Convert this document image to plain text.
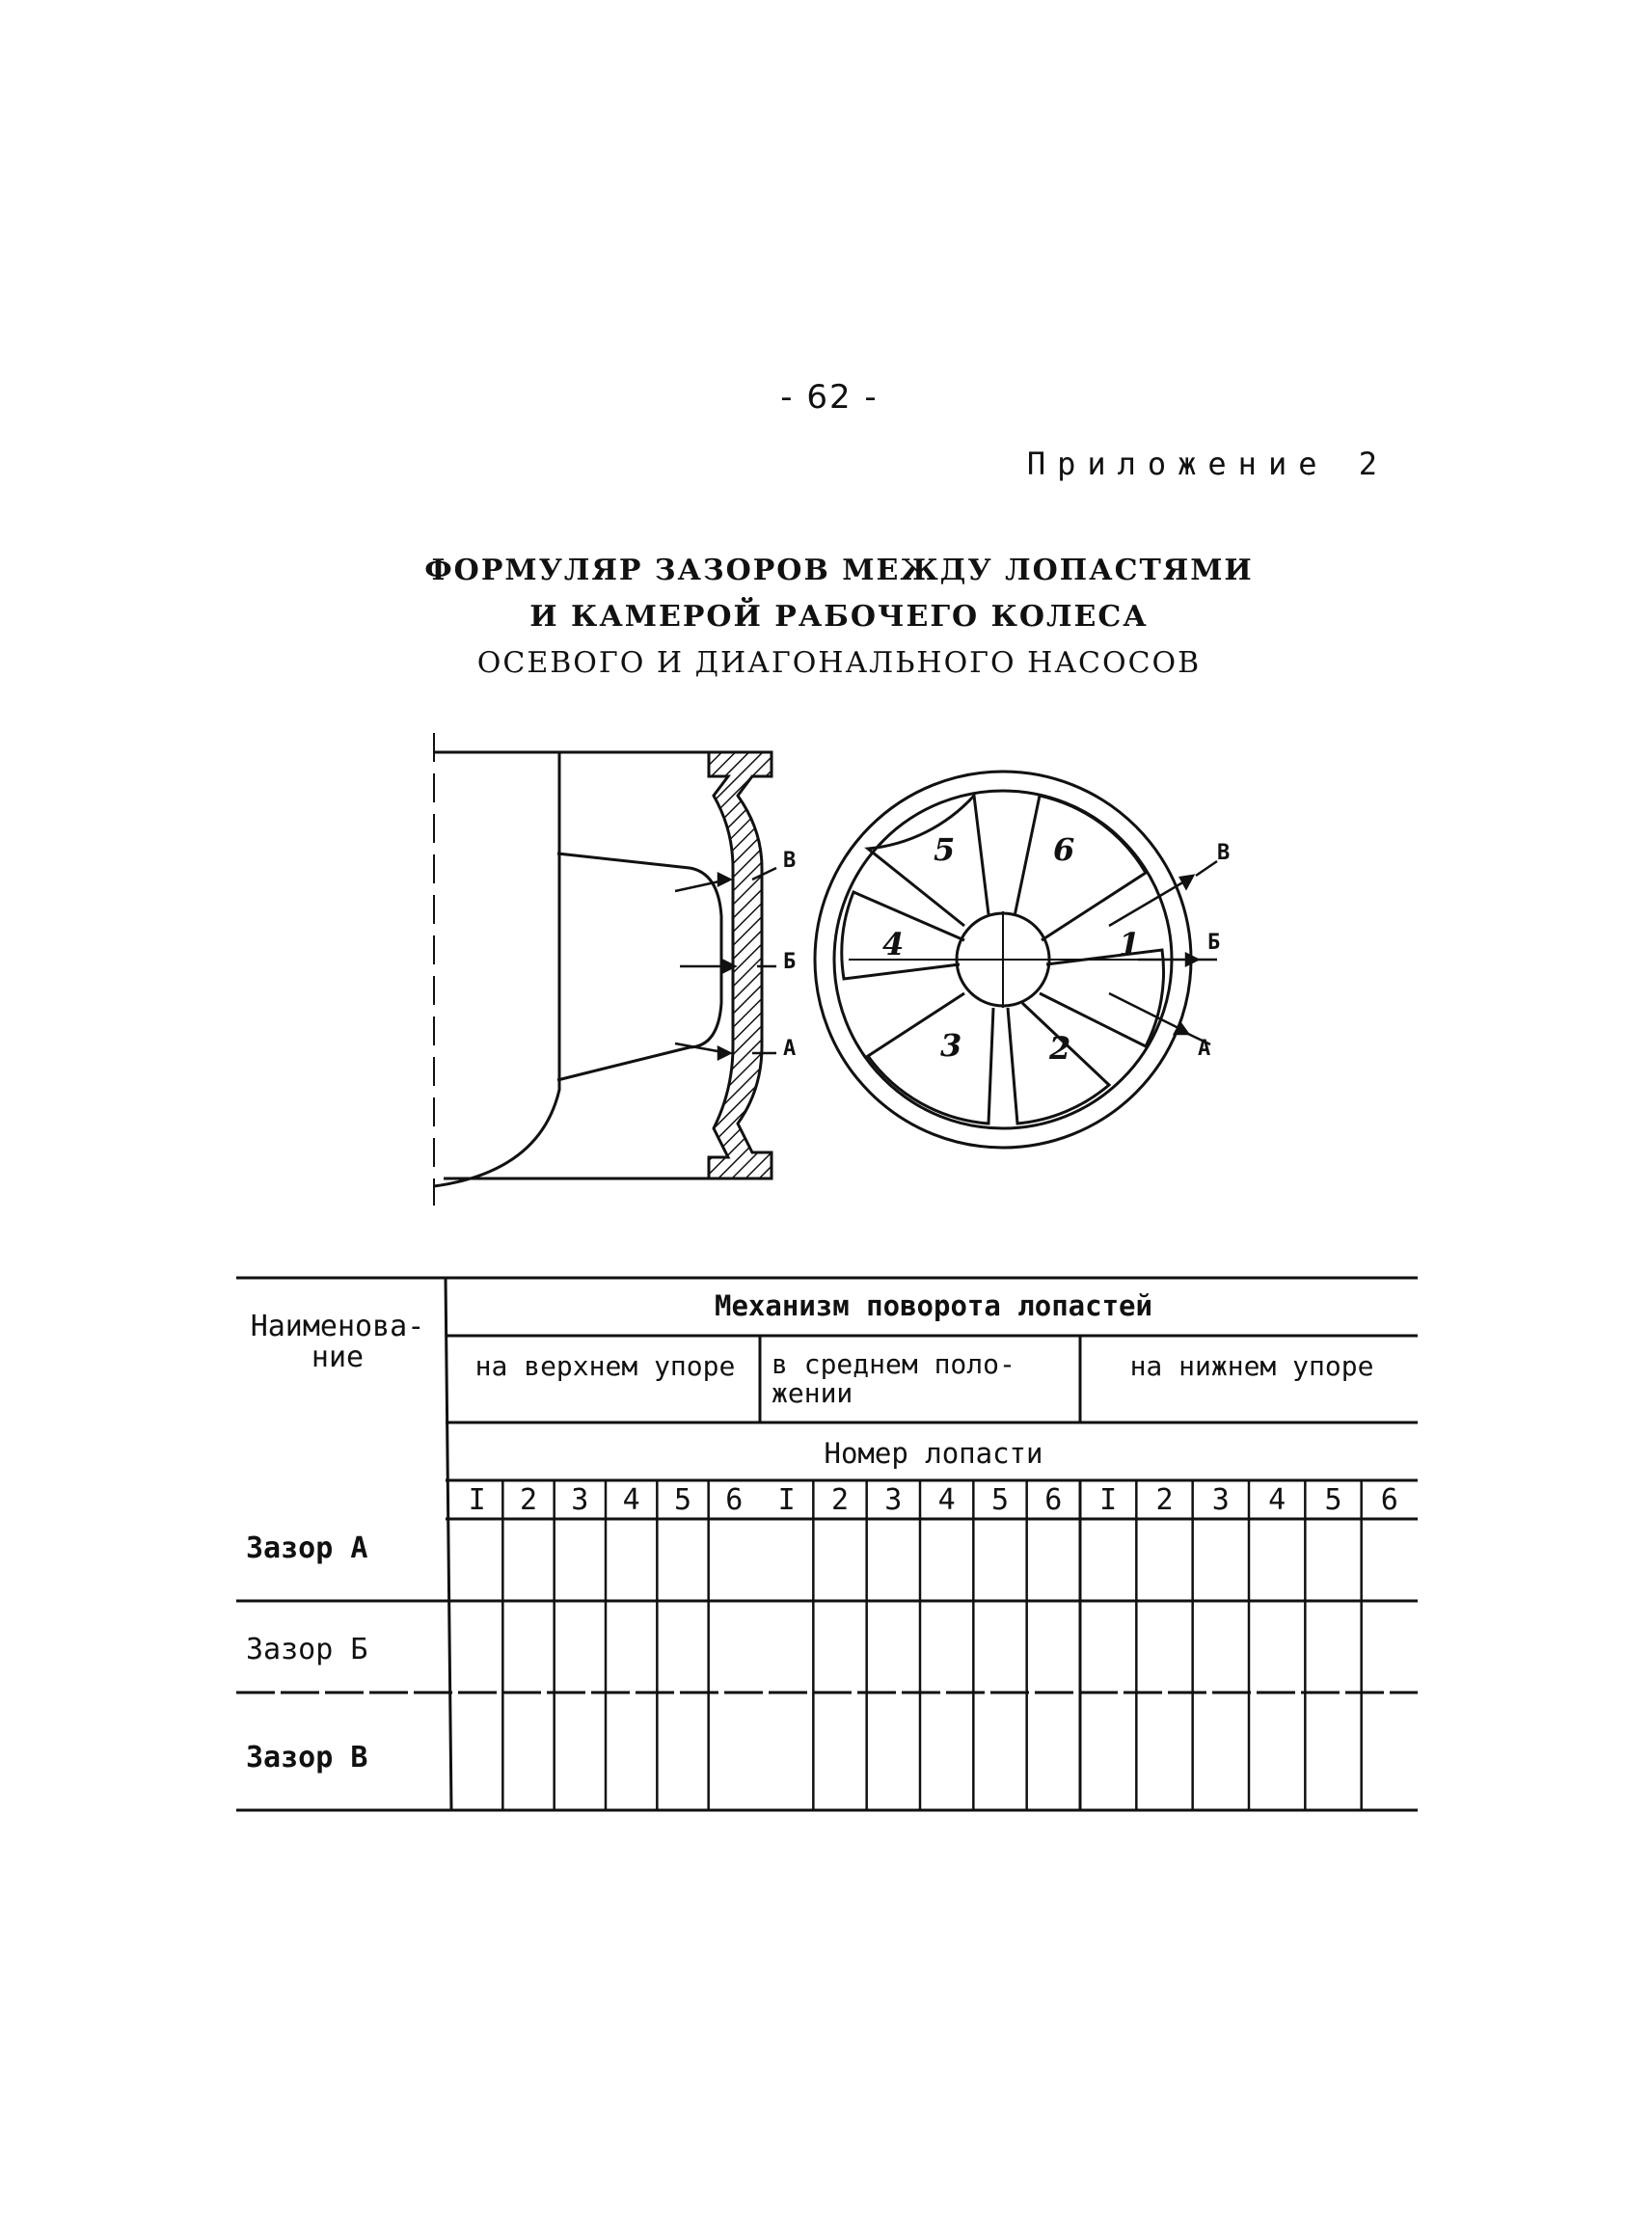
- 62 -
Приложение 2
ФОРМУЛЯР ЗАЗОРОВ МЕЖДУ ЛОПАСТЯМИ
И КАМЕРОЙ РАБОЧЕГО КОЛЕСА
ОСЕВОГО И ДИАГОНАЛЬНОГО НАСОСОВ
В
Б
А
5	6
4	1
3	2
В
Б
А
Наименова-
ние
Механизм поворота лопастей
на верхнем упоре	в среднем поло-
жении
на нижнем упоре
Номер лопасти
I	2	3	4	5	6	I	2	3	4	5	6	I	2	3	4	5	6
Зазор А
Зазор Б
Зазор В
